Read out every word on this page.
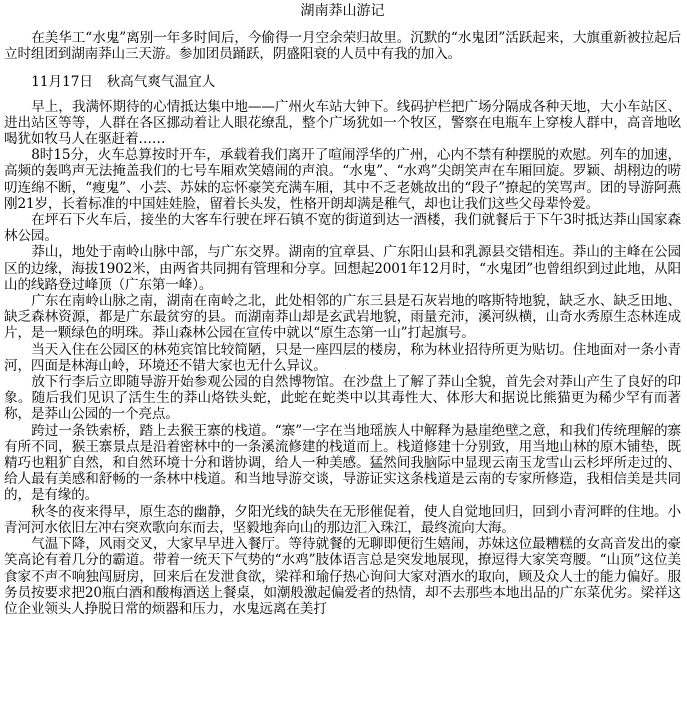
湖南莽山游记

在美华工“水鬼”离别一年多时间后，今偷得一月空余荣归故里。沉默的“水鬼团”活跃起来，大旗重新被拉起后立时组团到湖南莽山三天游。参加团员踊跃，阴盛阳衰的人员中有我的加入。

11月17日　秋高气爽气温宜人

早上，我满怀期待的心情抵达集中地——广州火车站大钟下。线码护栏把广场分隔成各种天地，大小车站区、进出站区等等，人群在各区挪动着让人眼花缭乱，整个广场犹如一个牧区，警察在电瓶车上穿梭人群中，高音地吆喝犹如牧马人在驱赶着……

8时15分，火车总算按时开车，承载着我们离开了喧闹浮华的广州，心内不禁有种摆脱的欢慰。列车的加速，高频的轰鸣声无法掩盖我们的七号车厢欢笑嬉闹的声浪。“水鬼”、“水鸡”尖朗笑声在车厢回旋。罗颖、胡栩边的唠叨连绵不断，“瘦鬼”、小芸、苏妹的忘怀豪笑充满车厢，其中不乏老姚故出的“段子”撩起的笑骂声。团的导游阿燕刚21岁，长着标准的中国娃娃脸，留着长头发，性格开朗却满是稚气，却也让我们这些父母辈怜爱。

在坪石下火车后，接坐的大客车行驶在坪石镇不宽的街道到达一酒楼，我们就餐后于下午3时抵达莽山国家森林公园。

莽山，地处于南岭山脉中部，与广东交界。湖南的宜章县、广东阳山县和乳源县交错相连。莽山的主峰在公园区的边缘，海拔1902米，由两省共同拥有管理和分享。回想起2001年12月时，“水鬼团”也曾组织到过此地，从阳山的线路登过峰顶（广东第一峰）。

广东在南岭山脉之南，湖南在南岭之北，此处相邻的广东三县是石灰岩地的喀斯特地貌，缺乏水、缺乏田地、缺乏森林资源，都是广东最贫穷的县。而湖南莽山却是玄武岩地貌，雨量充沛，溪河纵横，山奇水秀原生态林连成片，是一颗绿色的明珠。莽山森林公园在宣传中就以“原生态第一山”打起旗号。

当天入住在公园区的林苑宾馆比较简陋，只是一座四层的楼房，称为林业招待所更为贴切。住地面对一条小青河，四面是林海山岭，环境还不错大家也无什么异议。

放下行李后立即随导游开始参观公园的自然博物馆。在沙盘上了解了莽山全貌，首先会对莽山产生了良好的印象。随后我们见识了活生生的莽山烙铁头蛇，此蛇在蛇类中以其毒性大、体形大和据说比熊猫更为稀少罕有而著称，是莽山公园的一个亮点。

跨过一条铁索桥，踏上去猴王寨的栈道。“寨”一字在当地瑶族人中解释为悬崖绝壁之意，和我们传统理解的寨有所不同，猴王寨景点是沿着密林中的一条溪流修建的栈道而上。栈道修建十分别致，用当地山林的原木铺垫，既精巧也粗犷自然，和自然环境十分和谐协调，给人一种美感。猛然间我脑际中显现云南玉龙雪山云杉坪所走过的、给人最有美感和舒畅的一条林中栈道。和当地导游交谈，导游证实这条栈道是云南的专家所修造，我相信美是共同的，是有缘的。

秋冬的夜来得早，原生态的幽静，夕阳光线的缺失在无形催促着，使人自觉地回归，回到小青河畔的住地。小青河河水依旧左冲右突欢歌向东而去，坚毅地奔向山的那边汇入珠江，最终流向大海。

气温下降，风雨交叉，大家早早进入餐厅。等待就餐的无聊即便衍生嬉闹，苏妹这位最糟糕的女高音发出的豪笑高论有着几分的霸道。带着一统天下气势的“水鸡”肢体语言总是突发地展现，撩逗得大家笑弯腰。“山顶”这位美食家不声不响独闯厨房，回来后在发泄食欲，梁祥和瑜仔热心询问大家对酒水的取向，顾及众人士的能力偏好。服务员按要求把20瓶白酒和酸梅酒送上餐桌，如潮般激起偏爱者的热情，却不去那些本地出品的广东菜优劣。梁祥这位企业领头人挣脱日常的烦器和压力，水鬼远离在美打
